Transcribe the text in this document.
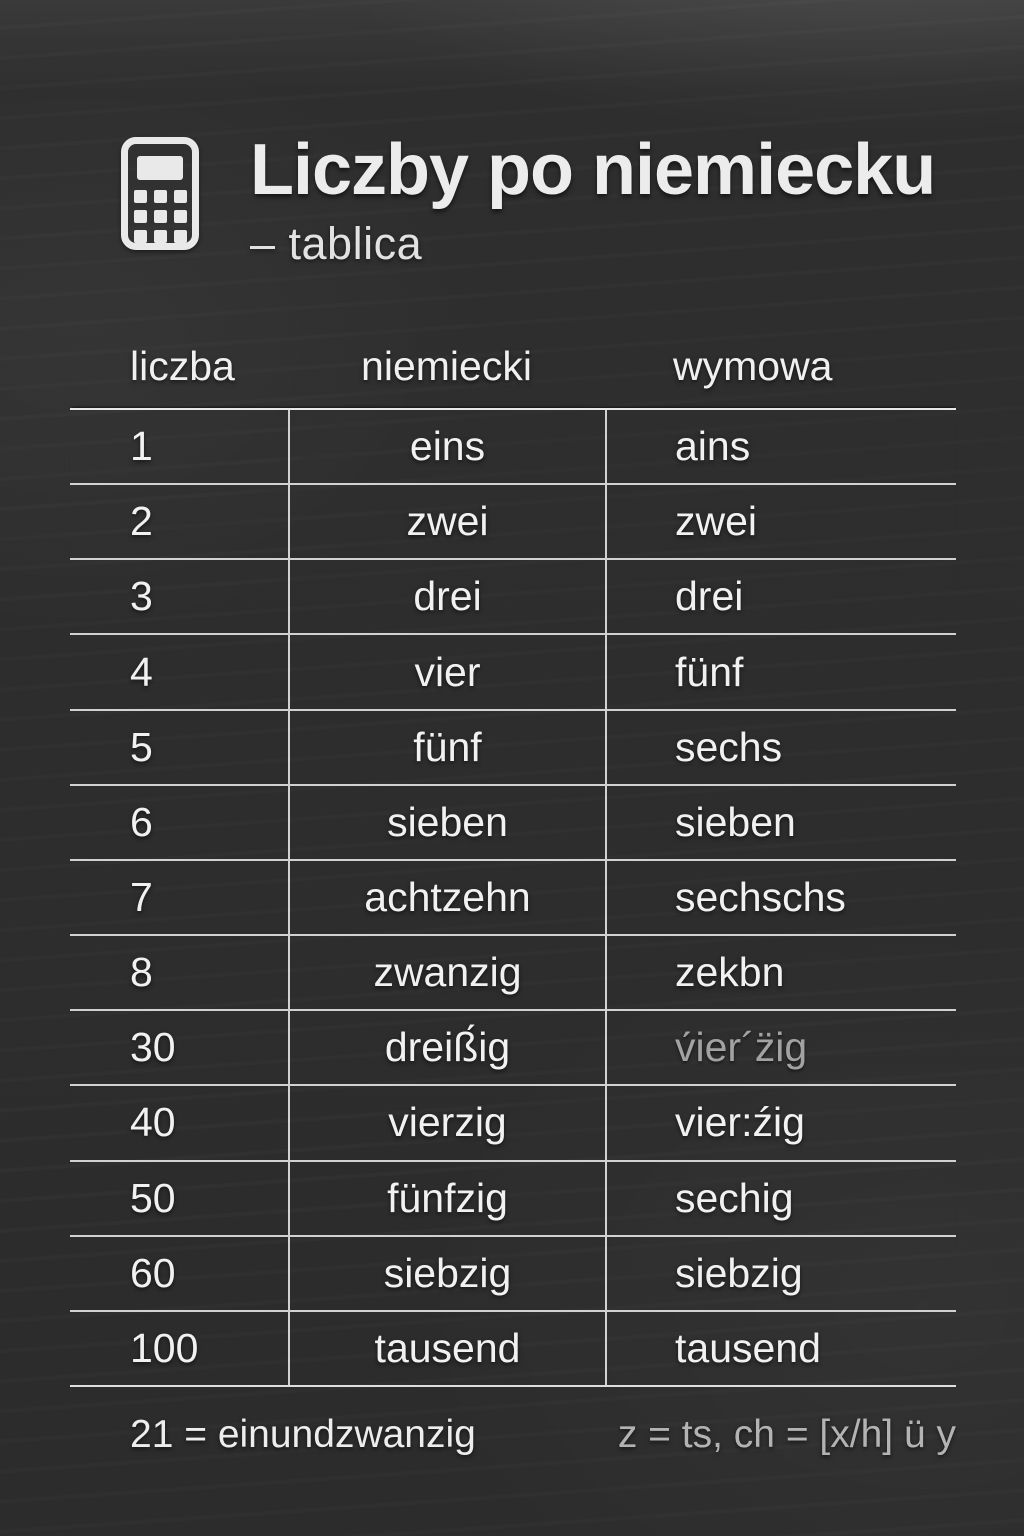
Liczby po niemiecku
– tablica
liczba	niemiecki	wymowa
1	eins	ains
2	zwei	zwei
3	drei	drei
4	vier	fünf
5	fünf	sechs
6	sieben	sieben
7	achtzehn	sechschs
8	zwanzig	zekbn
30	dreiß́ig	v́ier´z̈ig
40	vierzig	vier:źig
50	fünfzig	sechig
60	siebzig	siebzig
100	tausend	tausend
21 = einundzwanzig	z = ts, ch = [x/h] ü y
